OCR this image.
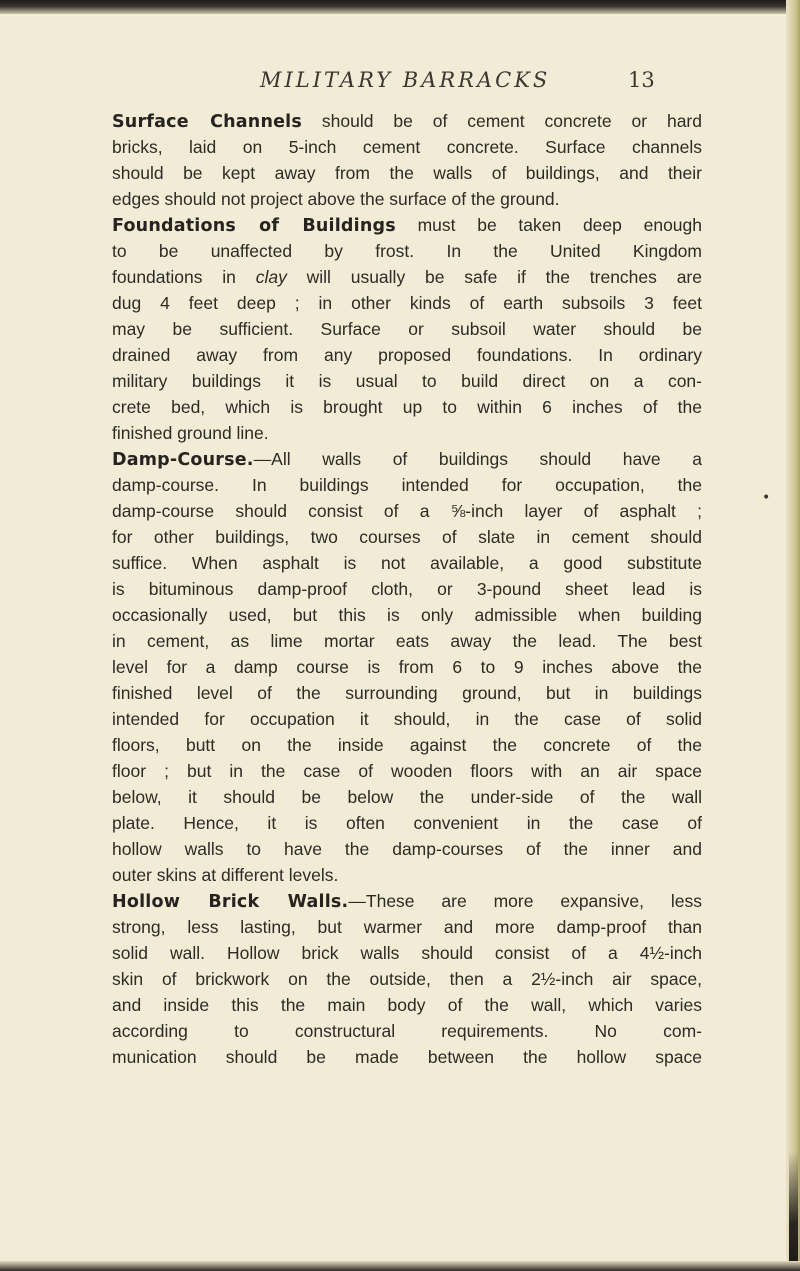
MILITARY BARRACKS	13
•
Surface Channels should be of cement concrete or hard
bricks, laid on 5-inch cement concrete. Surface channels
should be kept away from the walls of buildings, and their
edges should not project above the surface of the ground.
Foundations of Buildings must be taken deep enough
to be unaffected by frost. In the United Kingdom
foundations in clay will usually be safe if the trenches are
dug 4 feet deep ; in other kinds of earth subsoils 3 feet
may be sufficient. Surface or subsoil water should be
drained away from any proposed foundations. In ordinary
military buildings it is usual to build direct on a con-
crete bed, which is brought up to within 6 inches of the
finished ground line.
Damp-Course.—All walls of buildings should have a
damp-course. In buildings intended for occupation, the
damp-course should consist of a ⅝-inch layer of asphalt ;
for other buildings, two courses of slate in cement should
suffice. When asphalt is not available, a good substitute
is bituminous damp-proof cloth, or 3-pound sheet lead is
occasionally used, but this is only admissible when building
in cement, as lime mortar eats away the lead. The best
level for a damp course is from 6 to 9 inches above the
finished level of the surrounding ground, but in buildings
intended for occupation it should, in the case of solid
floors, butt on the inside against the concrete of the
floor ; but in the case of wooden floors with an air space
below, it should be below the under-side of the wall
plate. Hence, it is often convenient in the case of
hollow walls to have the damp-courses of the inner and
outer skins at different levels.
Hollow Brick Walls.—These are more expansive, less
strong, less lasting, but warmer and more damp-proof than
solid wall. Hollow brick walls should consist of a 4½-inch
skin of brickwork on the outside, then a 2½-inch air space,
and inside this the main body of the wall, which varies
according to constructural requirements. No com-
munication should be made between the hollow space
